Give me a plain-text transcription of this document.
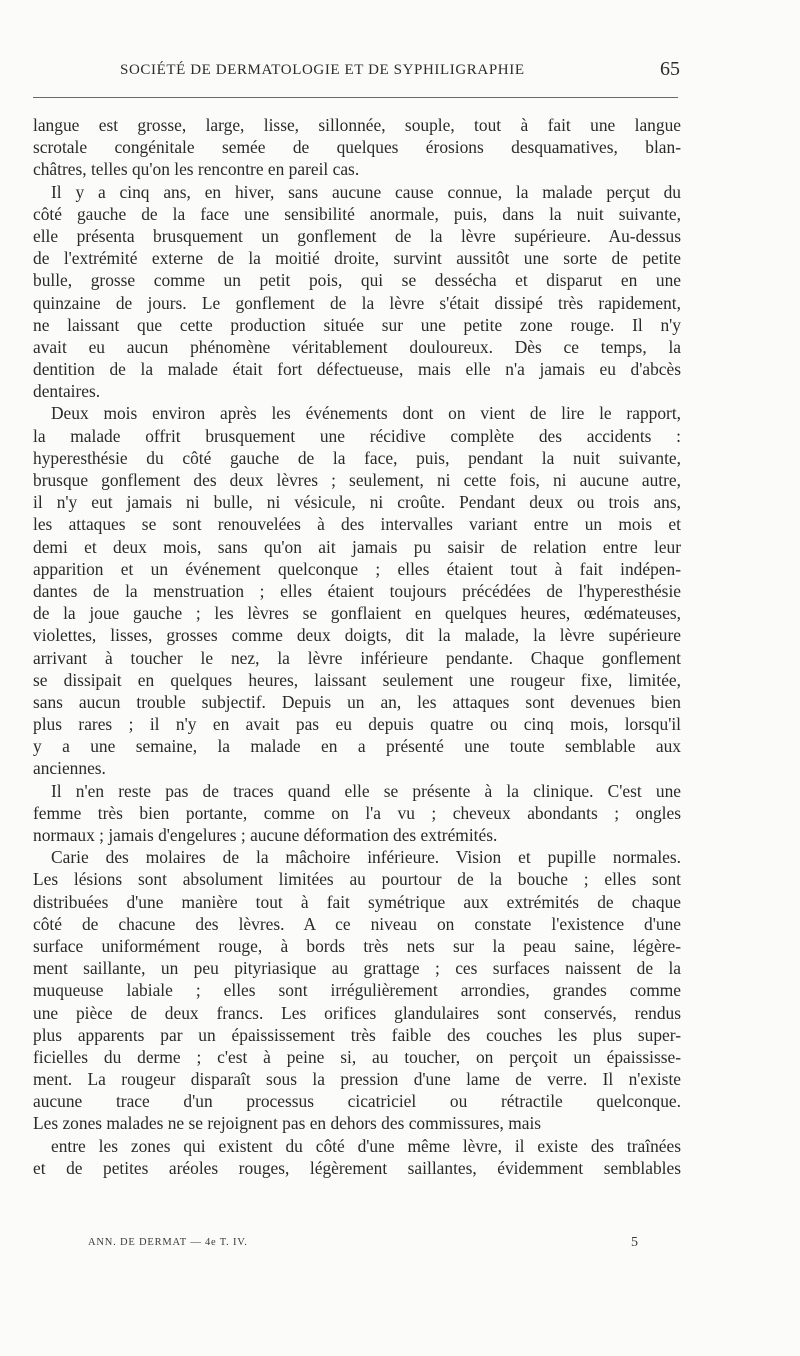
SOCIÉTÉ DE DERMATOLOGIE ET DE SYPHILIGRAPHIE	65
langue est grosse, large, lisse, sillonnée, souple, tout à fait une langue
scrotale congénitale semée de quelques érosions desquamatives, blan-
châtres, telles qu'on les rencontre en pareil cas.
Il y a cinq ans, en hiver, sans aucune cause connue, la malade perçut du
côté gauche de la face une sensibilité anormale, puis, dans la nuit suivante,
elle présenta brusquement un gonflement de la lèvre supérieure. Au-dessus
de l'extrémité externe de la moitié droite, survint aussitôt une sorte de petite
bulle, grosse comme un petit pois, qui se dessécha et disparut en une
quinzaine de jours. Le gonflement de la lèvre s'était dissipé très rapidement,
ne laissant que cette production située sur une petite zone rouge. Il n'y
avait eu aucun phénomène véritablement douloureux. Dès ce temps, la
dentition de la malade était fort défectueuse, mais elle n'a jamais eu d'abcès
dentaires.
Deux mois environ après les événements dont on vient de lire le rapport,
la malade offrit brusquement une récidive complète des accidents :
hyperesthésie du côté gauche de la face, puis, pendant la nuit suivante,
brusque gonflement des deux lèvres ; seulement, ni cette fois, ni aucune autre,
il n'y eut jamais ni bulle, ni vésicule, ni croûte. Pendant deux ou trois ans,
les attaques se sont renouvelées à des intervalles variant entre un mois et
demi et deux mois, sans qu'on ait jamais pu saisir de relation entre leur
apparition et un événement quelconque ; elles étaient tout à fait indépen-
dantes de la menstruation ; elles étaient toujours précédées de l'hyperesthésie
de la joue gauche ; les lèvres se gonflaient en quelques heures, œdémateuses,
violettes, lisses, grosses comme deux doigts, dit la malade, la lèvre supérieure
arrivant à toucher le nez, la lèvre inférieure pendante. Chaque gonflement
se dissipait en quelques heures, laissant seulement une rougeur fixe, limitée,
sans aucun trouble subjectif. Depuis un an, les attaques sont devenues bien
plus rares ; il n'y en avait pas eu depuis quatre ou cinq mois, lorsqu'il
y a une semaine, la malade en a présenté une toute semblable aux
anciennes.
Il n'en reste pas de traces quand elle se présente à la clinique. C'est une
femme très bien portante, comme on l'a vu ; cheveux abondants ; ongles
normaux ; jamais d'engelures ; aucune déformation des extrémités.
Carie des molaires de la mâchoire inférieure. Vision et pupille normales.
Les lésions sont absolument limitées au pourtour de la bouche ; elles sont
distribuées d'une manière tout à fait symétrique aux extrémités de chaque
côté de chacune des lèvres. A ce niveau on constate l'existence d'une
surface uniformément rouge, à bords très nets sur la peau saine, légère-
ment saillante, un peu pityriasique au grattage ; ces surfaces naissent de la
muqueuse labiale ; elles sont irrégulièrement arrondies, grandes comme
une pièce de deux francs. Les orifices glandulaires sont conservés, rendus
plus apparents par un épaississement très faible des couches les plus super-
ficielles du derme ; c'est à peine si, au toucher, on perçoit un épaississe-
ment. La rougeur disparaît sous la pression d'une lame de verre. Il n'existe
aucune trace d'un processus cicatriciel ou rétractile quelconque.
Les zones malades ne se rejoignent pas en dehors des commissures, mais
entre les zones qui existent du côté d'une même lèvre, il existe des traînées
et de petites aréoles rouges, légèrement saillantes, évidemment semblables
ANN. DE DERMAT — 4e T. IV.	5
